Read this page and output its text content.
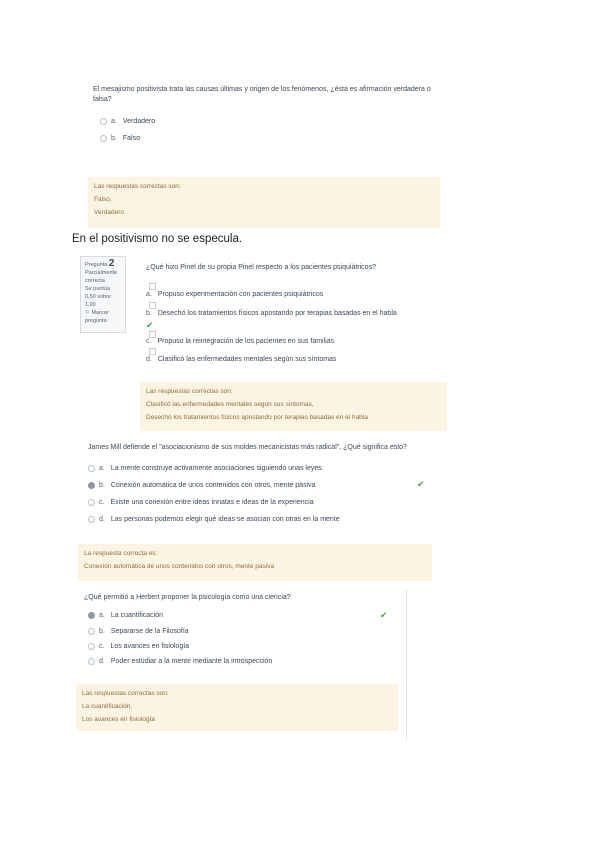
El mesajismo positivista trata las causas últimas y origen de los fenómenos, ¿ésta es afirmación verdadera o falsa?
a. Verdadero
b. Falso
Las respuestas correctas son:
Falso,
Verdadero
En el positivismo no se especula.
Pregunta 2
Parcialmente correcta
Se puntúa 0,50 sobre 1,00
⚐ Marcar pregunta
¿Qué hizo Pinel de su propia Pinel respecto a los pacientes psiquiátricos?
a. Propuso experimentación con pacientes psiquiátricos
b. Desechó los tratamientos físicos apostando por terapias basadas en el habla
✔
c. Propuso la reintegración de los pacientes en sus familias
d. Clasificó las enfermedades mentales según sus síntomas
Las respuestas correctas son:
Clasificó las enfermedades mentales según sus síntomas,
Desechó los tratamientos físicos apostando por terapias basadas en el habla
James Mill defiende el "asociacionismo de sus moldes mecanicistas más radical", ¿Qué significa esto?
a. La mente construye activamente asociaciones siguiendo unas leyes
b. Conexión automática de unos contenidos con otros, mente pasiva	✔
c. Existe una conexión entre ideas innatas e ideas de la experiencia
d. Las personas podemos elegir qué ideas se asocian con otras en la mente
La respuesta correcta es:
Conexión automática de unos contenidos con otros, mente pasiva
¿Qué permitió a Herbert proponer la psicología como una ciencia?
a. La cuantificación	✔
b. Separarse de la Filosofía
c. Los avances en fisiología
d. Poder estudiar a la mente mediante la introspección
Las respuestas correctas son:
La cuantificación,
Los avances en fisiología
